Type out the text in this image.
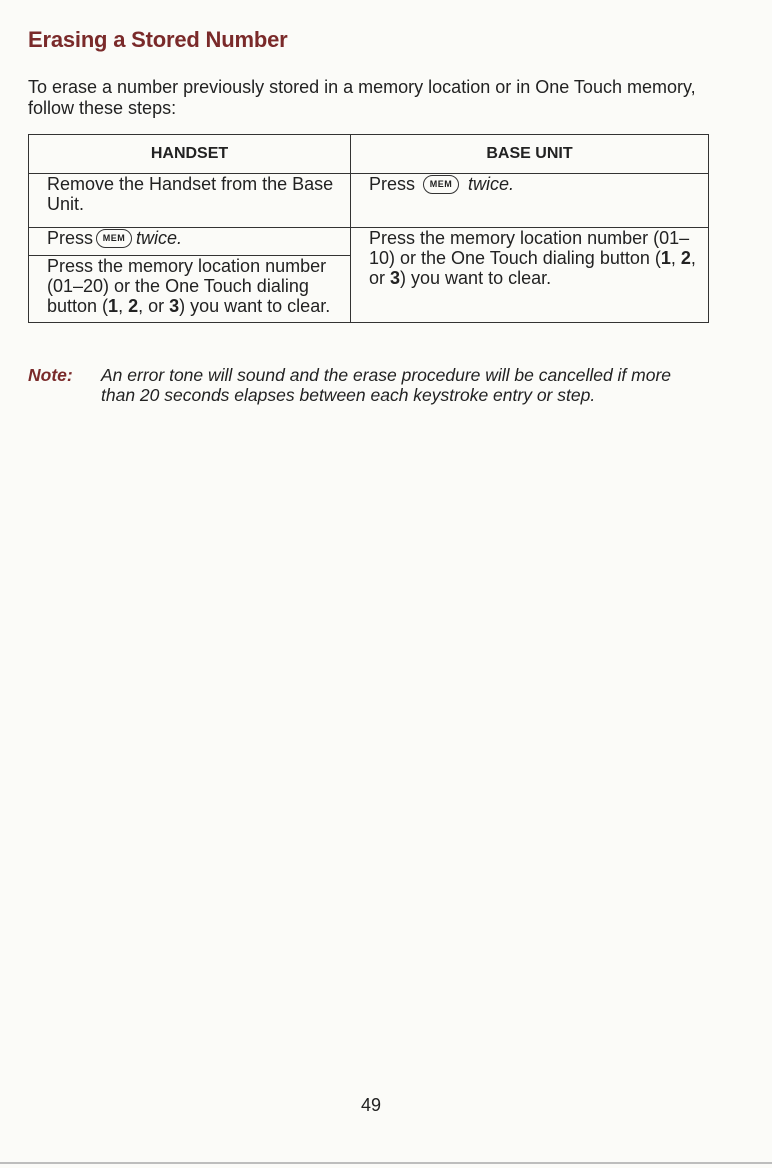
Erasing a Stored Number

To erase a number previously stored in a memory location or in One Touch memory, follow these steps:

HANDSET	BASE UNIT
Remove the Handset from the Base Unit.	Press MEM twice.
Press MEM twice.	Press the memory location number (01–10) or the One Touch dialing button (1, 2, or 3) you want to clear.
Press the memory location number (01–20) or the One Touch dialing button (1, 2, or 3) you want to clear.	
Note: An error tone will sound and the erase procedure will be cancelled if more than 20 seconds elapses between each keystroke entry or step.
49
